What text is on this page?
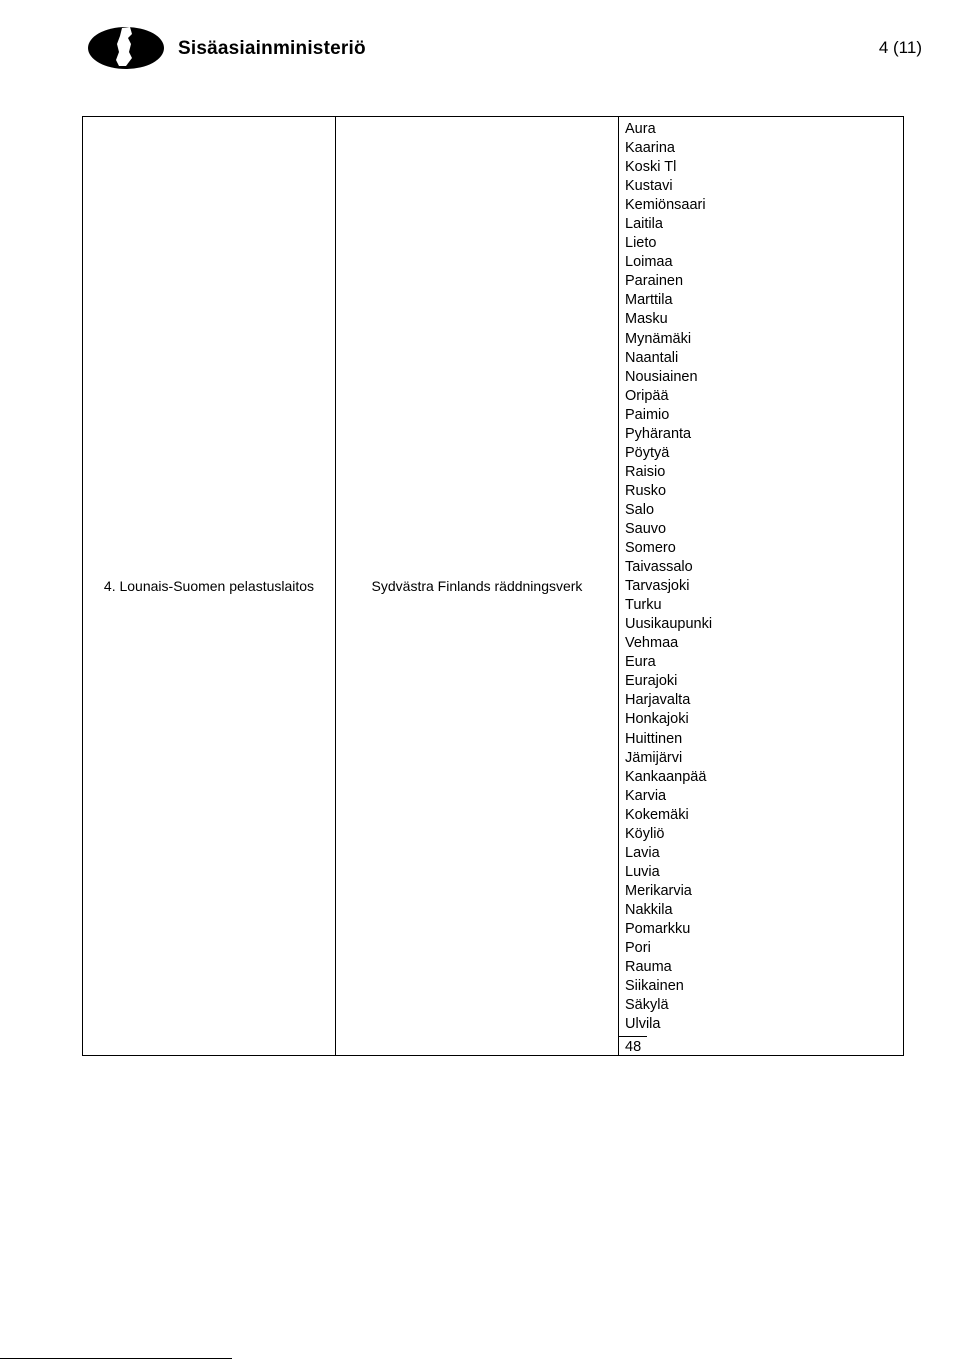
Sisäasiainministeriö	4 (11)
4. Lounais-Suomen pelastuslaitos	Sydvästra Finlands räddningsverk	
Aura
Kaarina
Koski Tl
Kustavi
Kemiönsaari
Laitila
Lieto
Loimaa
Parainen
Marttila
Masku
Mynämäki
Naantali
Nousiainen
Oripää
Paimio
Pyhäranta
Pöytyä
Raisio
Rusko
Salo
Sauvo
Somero
Taivassalo
Tarvasjoki
Turku
Uusikaupunki
Vehmaa
Eura
Eurajoki
Harjavalta
Honkajoki
Huittinen
Jämijärvi
Kankaanpää
Karvia
Kokemäki
Köyliö
Lavia
Luvia
Merikarvia
Nakkila
Pomarkku
Pori
Rauma
Siikainen
Säkylä
Ulvila
48
